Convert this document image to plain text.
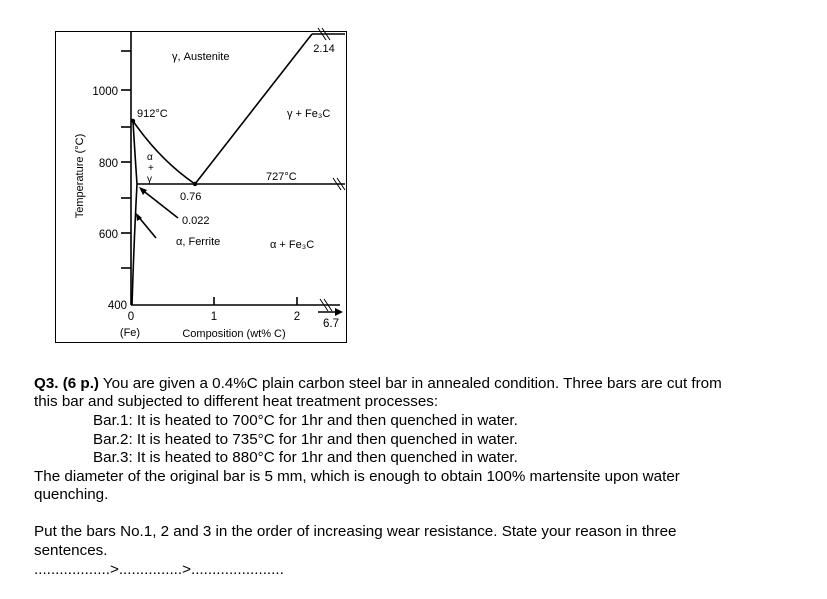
Temperature (°C)
1000
800
600
400
0	1	2
6.7
(Fe)	Composition (wt% C)
2.14
γ, Austenite
γ + Fe₃C
α
+
γ
α, Ferrite	α + Fe₃C
912°C
727°C
0.76
0.022
Q3. (6 p.) You are given a 0.4%C plain carbon steel bar in annealed condition. Three bars are cut from
this bar and subjected to different heat treatment processes:
Bar.1: It is heated to 700°C for 1hr and then quenched in water.
Bar.2: It is heated to 735°C for 1hr and then quenched in water.
Bar.3: It is heated to 880°C for 1hr and then quenched in water.
The diameter of the original bar is 5 mm, which is enough to obtain 100% martensite upon water
quenching.
Put the bars No.1, 2 and 3 in the order of increasing wear resistance. State your reason in three
sentences.
..................>...............>......................
